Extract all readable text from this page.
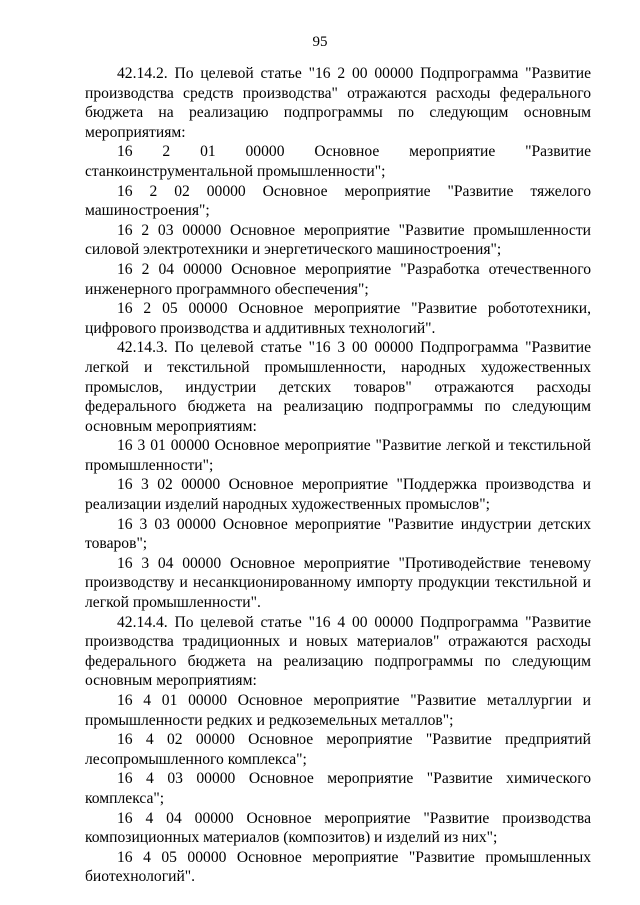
95

42.14.2. По целевой статье "16 2 00 00000 Подпрограмма "Развитие производства средств производства" отражаются расходы федерального бюджета на реализацию подпрограммы по следующим основным мероприятиям:

16 2 01 00000 Основное мероприятие "Развитие станкоинструментальной промышленности";

16 2 02 00000 Основное мероприятие "Развитие тяжелого машиностроения";

16 2 03 00000 Основное мероприятие "Развитие промышленности силовой электротехники и энергетического машиностроения";

16 2 04 00000 Основное мероприятие "Разработка отечественного инженерного программного обеспечения";

16 2 05 00000 Основное мероприятие "Развитие робототехники, цифрового производства и аддитивных технологий".

42.14.3. По целевой статье "16 3 00 00000 Подпрограмма "Развитие легкой и текстильной промышленности, народных художественных промыслов, индустрии детских товаров" отражаются расходы федерального бюджета на реализацию подпрограммы по следующим основным мероприятиям:

16 3 01 00000 Основное мероприятие "Развитие легкой и текстильной промышленности";

16 3 02 00000 Основное мероприятие "Поддержка производства и реализации изделий народных художественных промыслов";

16 3 03 00000 Основное мероприятие "Развитие индустрии детских товаров";

16 3 04 00000 Основное мероприятие "Противодействие теневому производству и несанкционированному импорту продукции текстильной и легкой промышленности".

42.14.4. По целевой статье "16 4 00 00000 Подпрограмма "Развитие производства традиционных и новых материалов" отражаются расходы федерального бюджета на реализацию подпрограммы по следующим основным мероприятиям:

16 4 01 00000 Основное мероприятие "Развитие металлургии и промышленности редких и редкоземельных металлов";

16 4 02 00000 Основное мероприятие "Развитие предприятий лесопромышленного комплекса";

16 4 03 00000 Основное мероприятие "Развитие химического комплекса";

16 4 04 00000 Основное мероприятие "Развитие производства композиционных материалов (композитов) и изделий из них";

16 4 05 00000 Основное мероприятие "Развитие промышленных биотехнологий".
